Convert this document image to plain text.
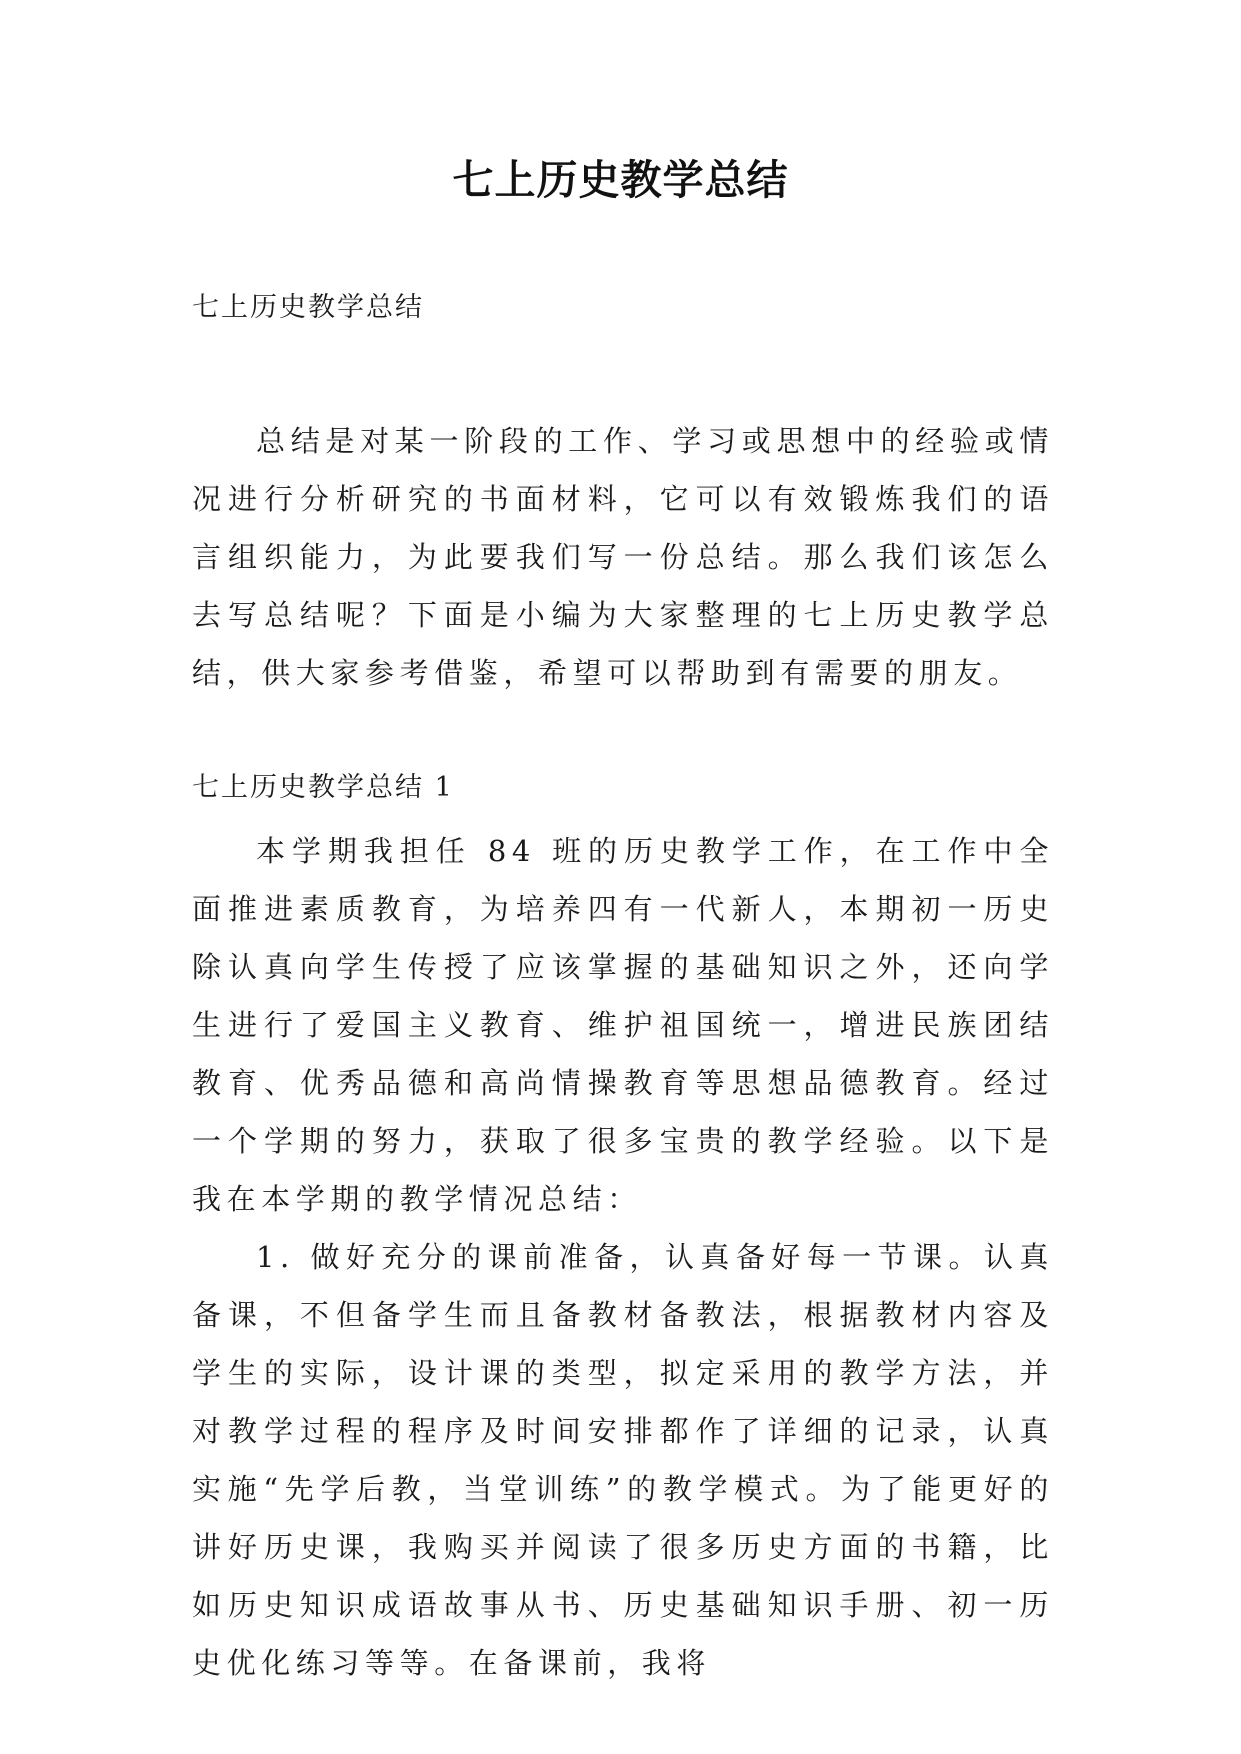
七上历史教学总结

七上历史教学总结

总结是对某一阶段的工作、学习或思想中的经验或情况进行分析研究的书面材料，它可以有效锻炼我们的语言组织能力，为此要我们写一份总结。那么我们该怎么去写总结呢？下面是小编为大家整理的七上历史教学总结，供大家参考借鉴，希望可以帮助到有需要的朋友。

七上历史教学总结 1

本学期我担任 84 班的历史教学工作，在工作中全面推进素质教育，为培养四有一代新人，本期初一历史除认真向学生传授了应该掌握的基础知识之外，还向学生进行了爱国主义教育、维护祖国统一，增进民族团结教育、优秀品德和高尚情操教育等思想品德教育。经过一个学期的努力，获取了很多宝贵的教学经验。以下是我在本学期的教学情况总结：

1. 做好充分的课前准备，认真备好每一节课。认真备课，不但备学生而且备教材备教法，根据教材内容及学生的实际，设计课的类型，拟定采用的教学方法，并对教学过程的程序及时间安排都作了详细的记录，认真实施“先学后教，当堂训练”的教学模式。为了能更好的讲好历史课，我购买并阅读了很多历史方面的书籍，比如历史知识成语故事从书、历史基础知识手册、初一历史优化练习等等。在备课前，我将
